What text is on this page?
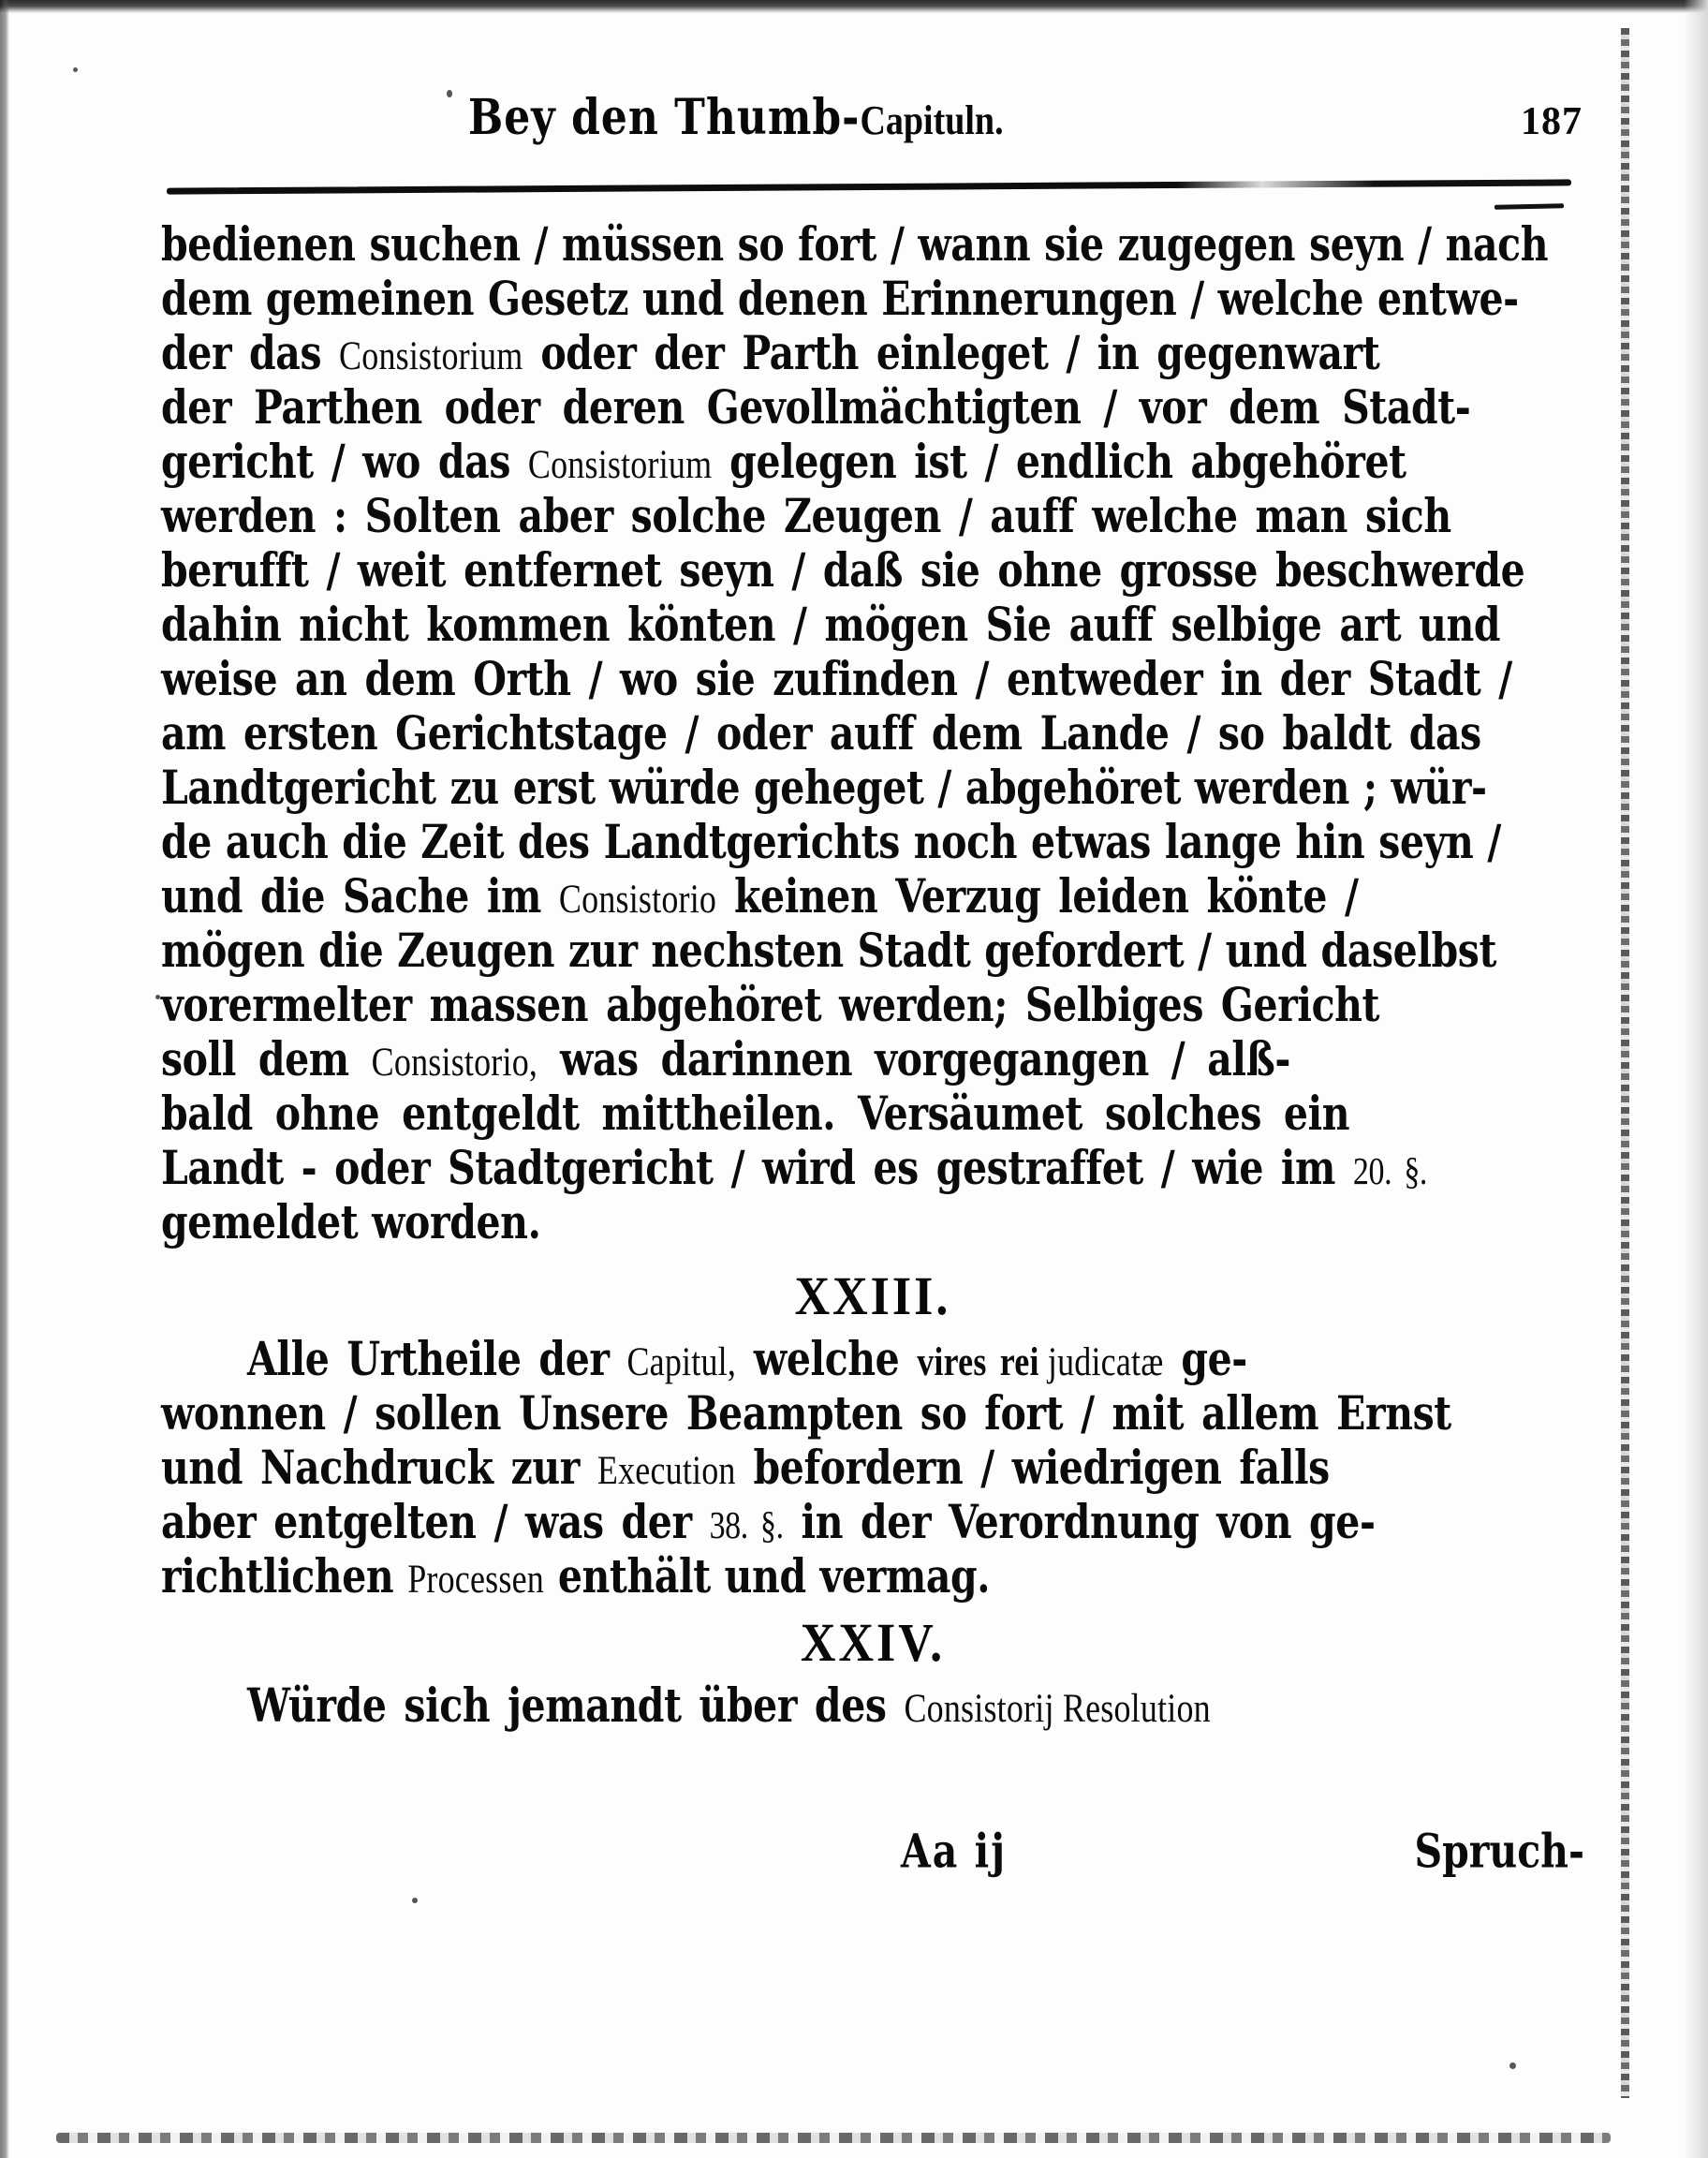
Bey den Thumb-Capituln.	187
bedienen suchen / müssen so fort / wann sie zugegen seyn / nach
dem gemeinen Gesetz und denen Erinnerungen / welche entwe-
der das Consistorium oder der Parth einleget / in gegenwart
der Parthen oder deren Gevollmächtigten / vor dem Stadt-
gericht / wo das Consistorium gelegen ist / endlich abgehöret
werden : Solten aber solche Zeugen / auff welche man sich
berufft / weit entfernet seyn / daß sie ohne grosse beschwerde
dahin nicht kommen könten / mögen Sie auff selbige art und
weise an dem Orth / wo sie zufinden / entweder in der Stadt /
am ersten Gerichtstage / oder auff dem Lande / so baldt das
Landtgericht zu erst würde geheget / abgehöret werden ; wür-
de auch die Zeit des Landtgerichts noch etwas lange hin seyn /
und die Sache im Consistorio keinen Verzug leiden könte /
mögen die Zeugen zur nechsten Stadt gefordert / und daselbst
vorermelter massen abgehöret werden; Selbiges Gericht
soll dem Consistorio, was darinnen vorgegangen / alß-
bald ohne entgeldt mittheilen. Versäumet solches ein
Landt - oder Stadtgericht / wird es gestraffet / wie im 20. §.
gemeldet worden.
XXIII.
Alle Urtheile der Capitul, welche vires rei judicatæ ge-
wonnen / sollen Unsere Beampten so fort / mit allem Ernst
und Nachdruck zur Execution befordern / wiedrigen falls
aber entgelten / was der 38. §. in der Verordnung von ge-
richtlichen Processen enthält und vermag.
XXIV.
Würde sich jemandt über des Consistorij Resolution
Aa ij	Spruch-
